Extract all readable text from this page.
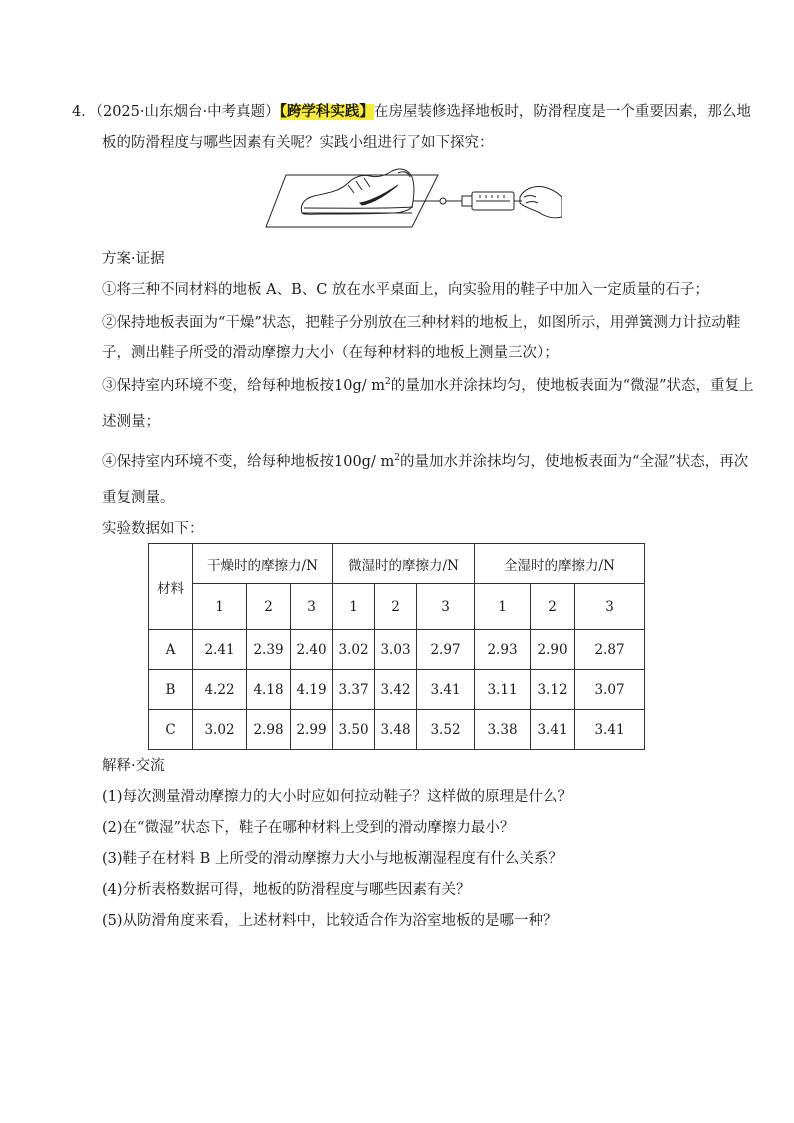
4．（2025·山东烟台·中考真题）【跨学科实践】在房屋装修选择地板时，防滑程度是一个重要因素，那么地
板的防滑程度与哪些因素有关呢？实践小组进行了如下探究：
方案·证据
①将三种不同材料的地板 A、B、C 放在水平桌面上，向实验用的鞋子中加入一定质量的石子；
②保持地板表面为“干燥”状态，把鞋子分别放在三种材料的地板上，如图所示，用弹簧测力计拉动鞋
子，测出鞋子所受的滑动摩擦力大小（在每种材料的地板上测量三次）；
③保持室内环境不变，给每种地板按10g/ $m^2$的量加水并涂抹均匀，使地板表面为“微湿”状态，重复上
述测量；
④保持室内环境不变，给每种地板按100g/ $m^2$的量加水并涂抹均匀，使地板表面为“全湿”状态，再次
重复测量。
实验数据如下：
材料	干燥时的摩擦力/N			微湿时的摩擦力/N			全湿时的摩擦力/N		
	1	2	3	1	2	3	1	2	3
A	2.41	2.39	2.40	3.02	3.03	2.97	2.93	2.90	2.87
B	4.22	4.18	4.19	3.37	3.42	3.41	3.11	3.12	3.07
C	3.02	2.98	2.99	3.50	3.48	3.52	3.38	3.41	3.41
解释·交流
(1)每次测量滑动摩擦力的大小时应如何拉动鞋子？这样做的原理是什么？
(2)在“微湿”状态下，鞋子在哪种材料上受到的滑动摩擦力最小？
(3)鞋子在材料 B 上所受的滑动摩擦力大小与地板潮湿程度有什么关系？
(4)分析表格数据可得，地板的防滑程度与哪些因素有关？
(5)从防滑角度来看，上述材料中，比较适合作为浴室地板的是哪一种？
